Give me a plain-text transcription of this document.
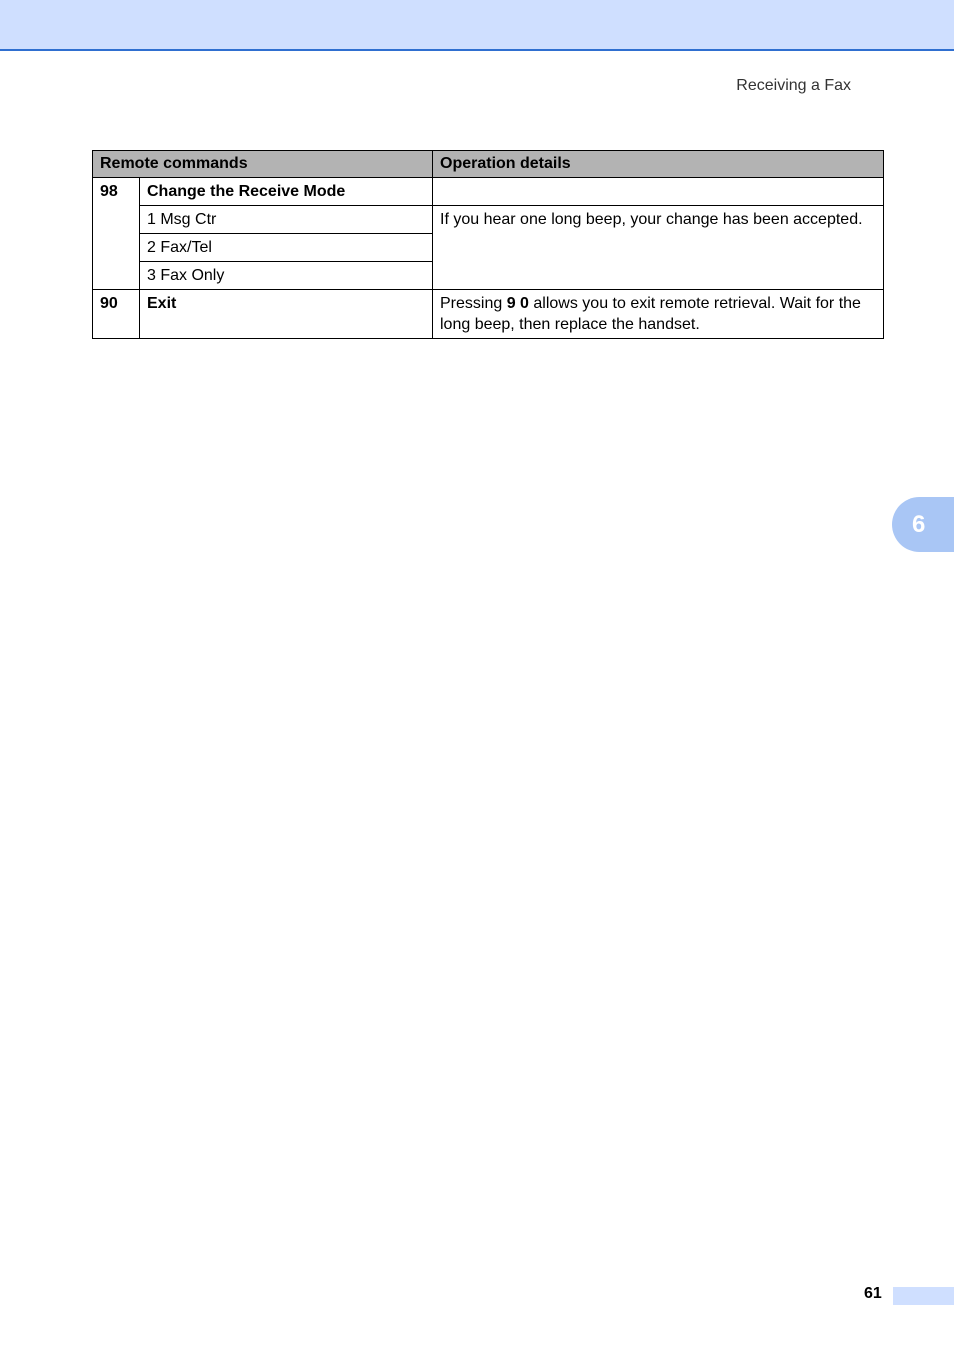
Receiving a Fax
Remote commands		Operation details
98	Change the Receive Mode	
	1 Msg Ctr	If you hear one long beep, your change has been accepted.
	2 Fax/Tel	
	3 Fax Only	
90	Exit	Pressing 9 0 allows you to exit remote retrieval. Wait for the long beep, then replace the handset.
6
61
